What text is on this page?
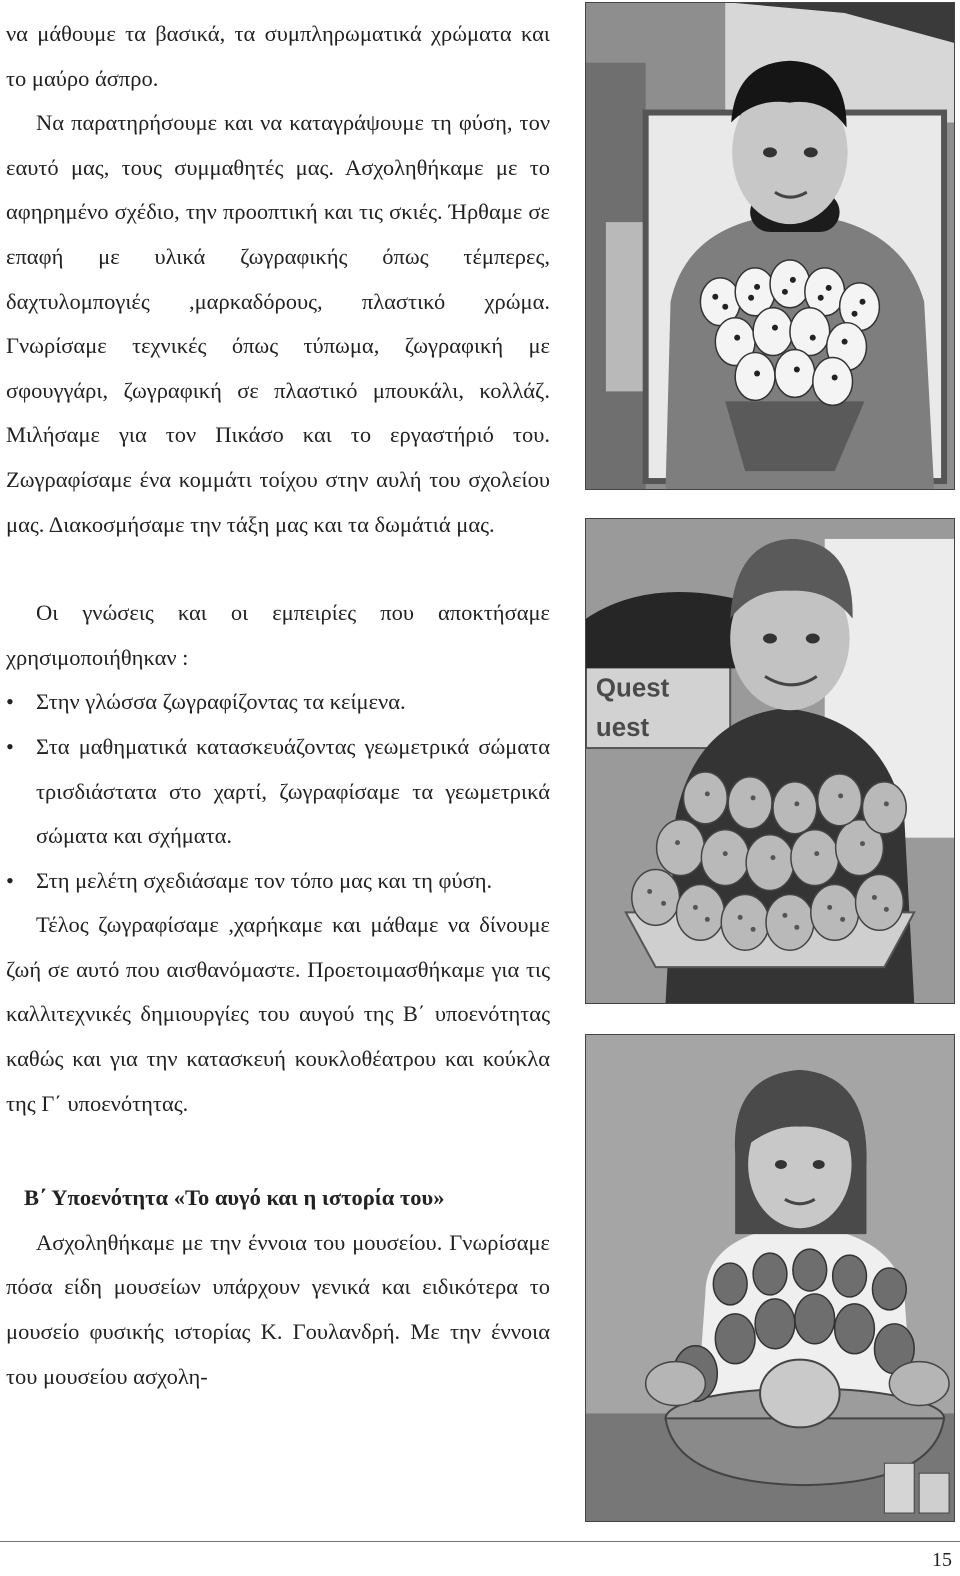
να μάθουμε τα βασικά, τα συμπληρωματικά χρώματα και το μαύρο άσπρο.

Να παρατηρήσουμε και να καταγράψουμε τη φύση, τον εαυτό μας, τους συμμαθητές μας. Ασχοληθήκαμε με το αφηρημένο σχέδιο, την προοπτική και τις σκιές. Ήρθαμε σε επαφή με υλικά ζωγραφικής όπως τέμπερες, δαχτυλομπογιές ,μαρκαδόρους, πλαστικό χρώμα. Γνωρίσαμε τεχνικές όπως τύπωμα, ζωγραφική με σφουγγάρι, ζωγραφική σε πλαστικό μπουκάλι, κολλάζ. Μιλήσαμε για τον Πικάσο και το εργαστήριό του. Ζωγραφίσαμε ένα κομμάτι τοίχου στην αυλή του σχολείου μας. Διακοσμήσαμε την τάξη μας και τα δωμάτιά μας.

Οι γνώσεις και οι εμπειρίες που αποκτήσαμε χρησιμοποιήθηκαν :

• Στην γλώσσα ζωγραφίζοντας τα κείμενα.
• Στα μαθηματικά κατασκευάζοντας γεωμετρικά σώματα τρισδιάστατα στο χαρτί, ζωγραφίσαμε τα γεωμετρικά σώματα και σχήματα.
• Στη μελέτη σχεδιάσαμε τον τόπο μας και τη φύση.

Τέλος ζωγραφίσαμε ,χαρήκαμε και μάθαμε να δίνουμε ζωή σε αυτό που αισθανόμαστε. Προετοιμασθήκαμε για τις καλλιτεχνικές δημιουργίες του αυγού της Β΄ υποενότητας καθώς και για την κατασκευή κουκλοθέατρου και κούκλα της Γ΄ υποενότητας.

Β΄ Υποενότητα «Το αυγό και η ιστορία του»

Ασχοληθήκαμε με την έννοια του μουσείου. Γνωρίσαμε πόσα είδη μουσείων υπάρχουν γενικά και ειδικότερα το μουσείο φυσικής ιστορίας Κ. Γουλανδρή. Με την έννοια του μουσείου ασχολη-

Quest
uest
15
